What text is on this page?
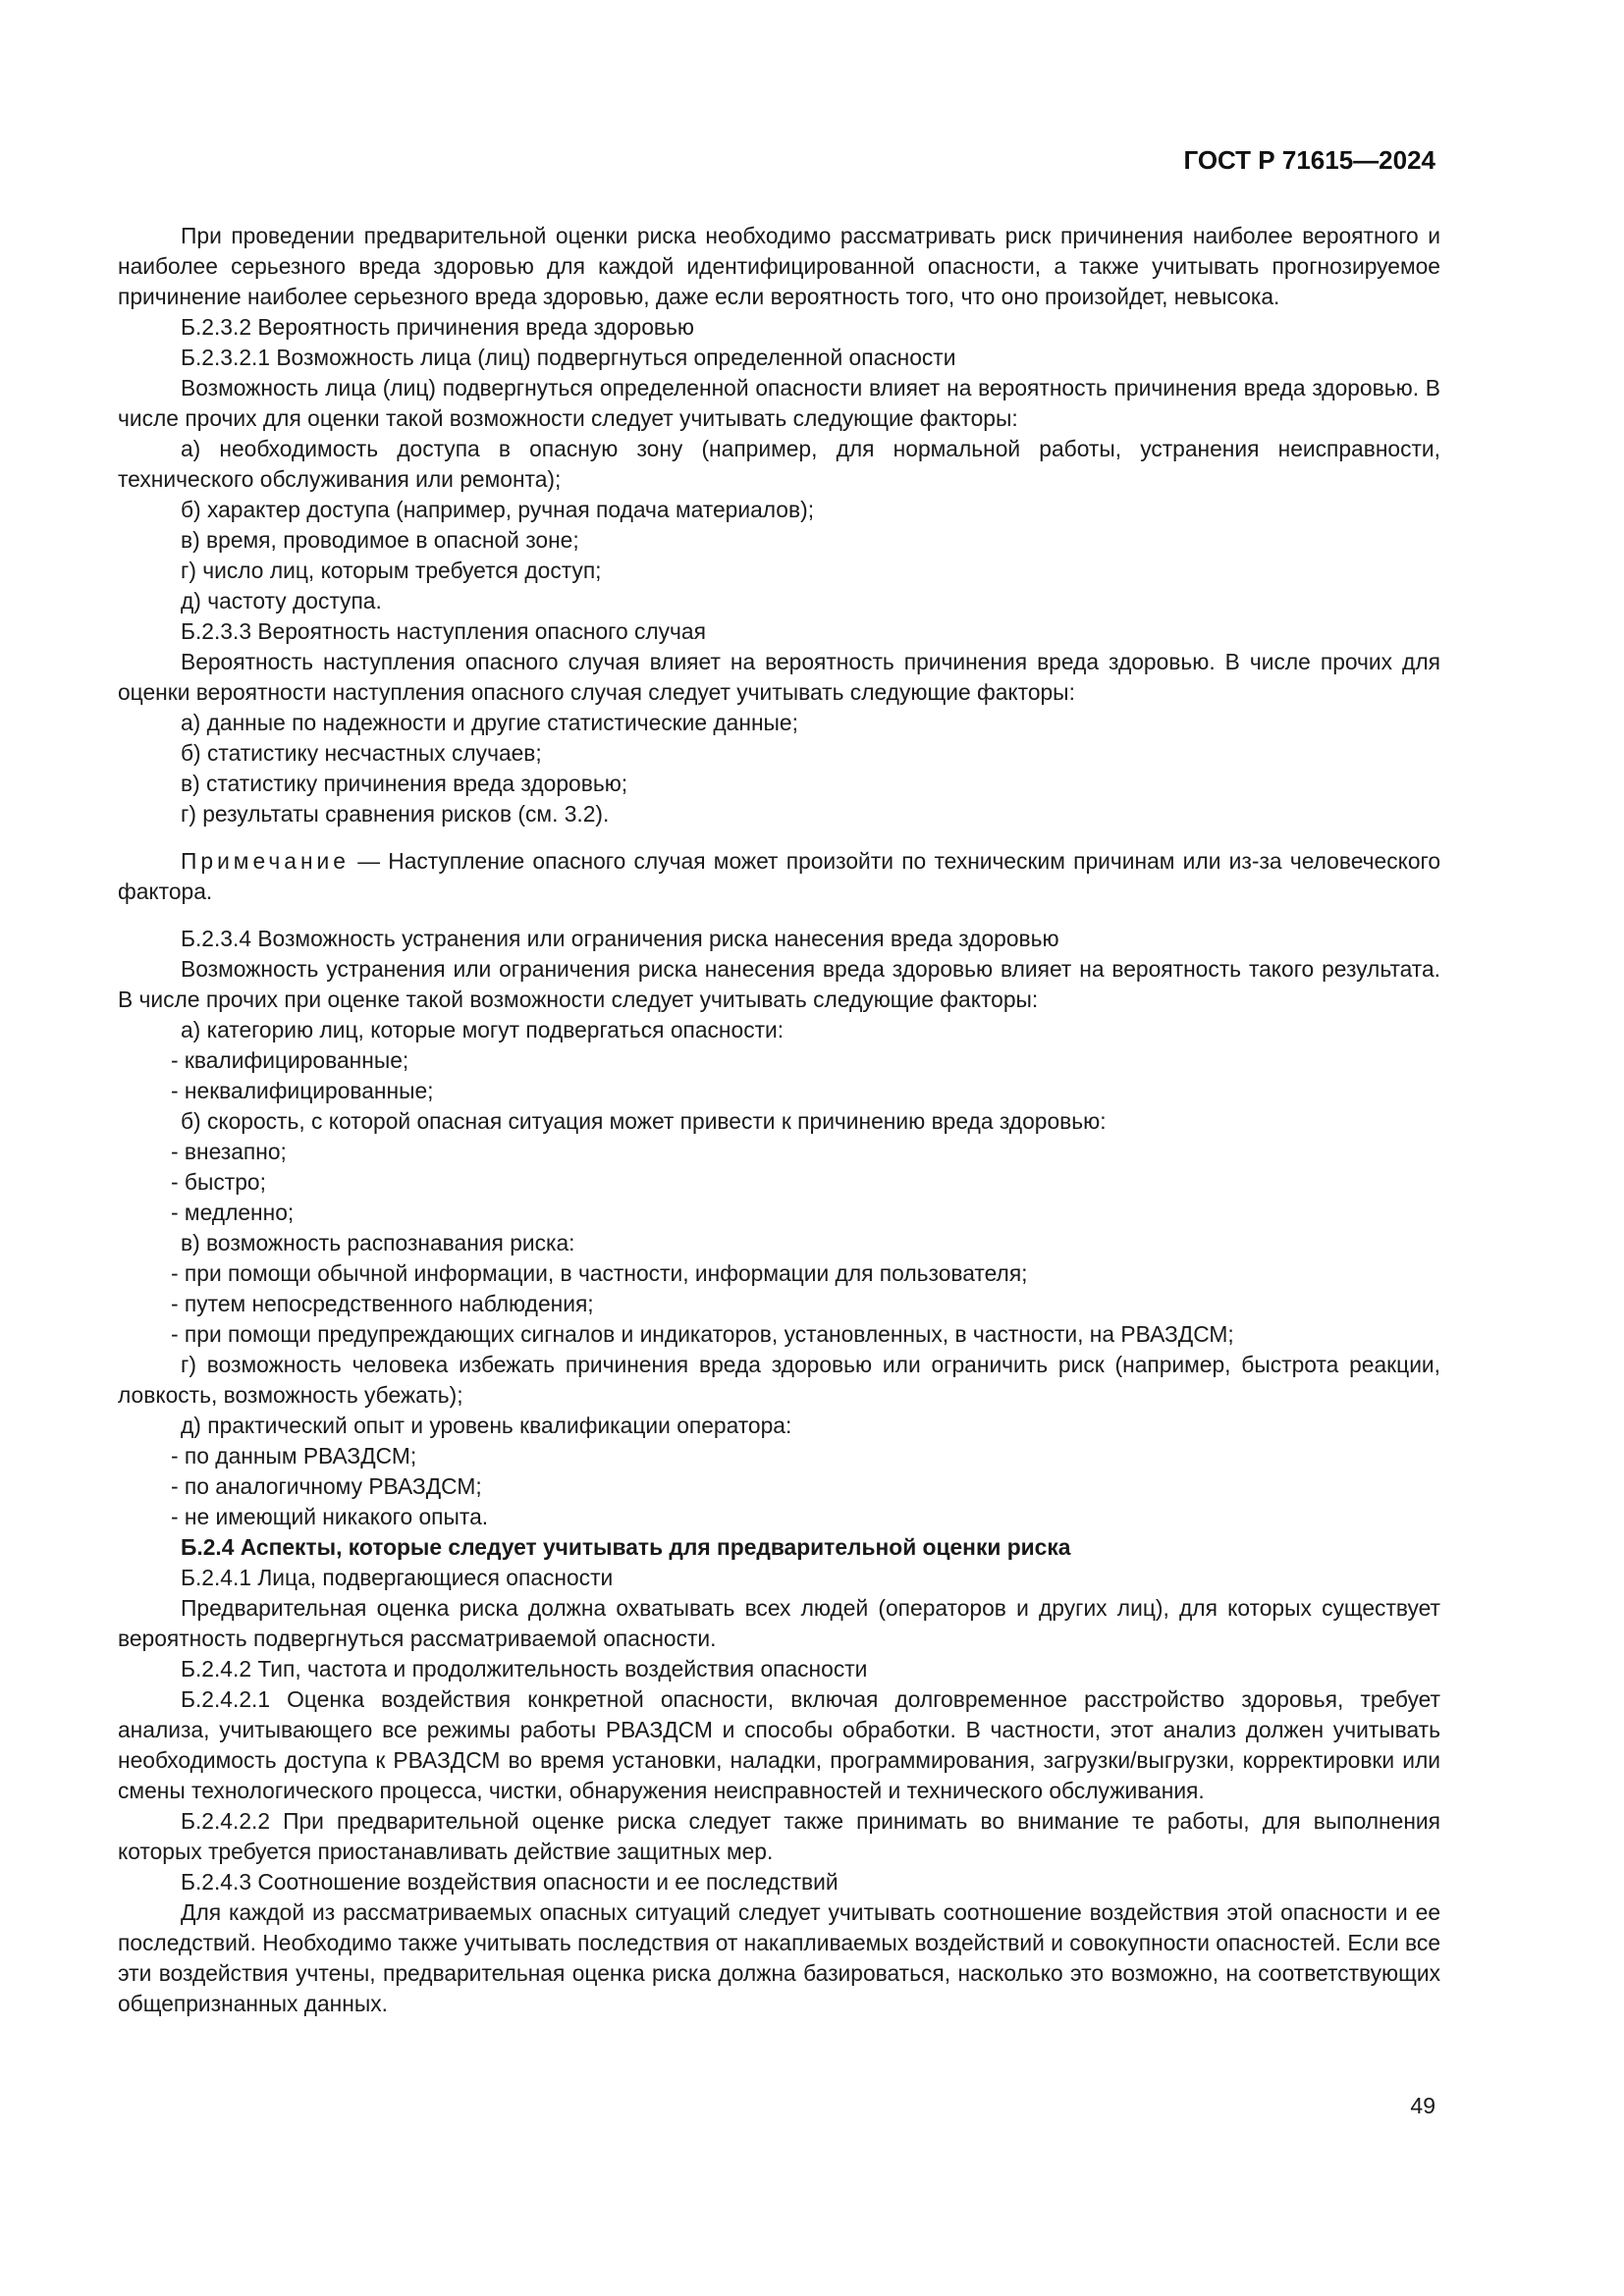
ГОСТ Р 71615—2024

При проведении предварительной оценки риска необходимо рассматривать риск причинения наиболее вероятного и наиболее серьезного вреда здоровью для каждой идентифицированной опасности, а также учитывать прогнозируемое причинение наиболее серьезного вреда здоровью, даже если вероятность того, что оно произойдет, невысока.

Б.2.3.2 Вероятность причинения вреда здоровью

Б.2.3.2.1 Возможность лица (лиц) подвергнуться определенной опасности

Возможность лица (лиц) подвергнуться определенной опасности влияет на вероятность причинения вреда здоровью. В числе прочих для оценки такой возможности следует учитывать следующие факторы:

а) необходимость доступа в опасную зону (например, для нормальной работы, устранения неисправности, технического обслуживания или ремонта);

б) характер доступа (например, ручная подача материалов);

в) время, проводимое в опасной зоне;

г) число лиц, которым требуется доступ;

д) частоту доступа.

Б.2.3.3 Вероятность наступления опасного случая

Вероятность наступления опасного случая влияет на вероятность причинения вреда здоровью. В числе прочих для оценки вероятности наступления опасного случая следует учитывать следующие факторы:

а) данные по надежности и другие статистические данные;

б) статистику несчастных случаев;

в) статистику причинения вреда здоровью;

г) результаты сравнения рисков (см. 3.2).

Примечание — Наступление опасного случая может произойти по техническим причинам или из-за человеческого фактора.

Б.2.3.4 Возможность устранения или ограничения риска нанесения вреда здоровью

Возможность устранения или ограничения риска нанесения вреда здоровью влияет на вероятность такого результата. В числе прочих при оценке такой возможности следует учитывать следующие факторы:

а) категорию лиц, которые могут подвергаться опасности:

- квалифицированные;

- неквалифицированные;

б) скорость, с которой опасная ситуация может привести к причинению вреда здоровью:

- внезапно;

- быстро;

- медленно;

в) возможность распознавания риска:

- при помощи обычной информации, в частности, информации для пользователя;

- путем непосредственного наблюдения;

- при помощи предупреждающих сигналов и индикаторов, установленных, в частности, на РВАЗДСМ;

г) возможность человека избежать причинения вреда здоровью или ограничить риск (например, быстрота реакции, ловкость, возможность убежать);

д) практический опыт и уровень квалификации оператора:

- по данным РВАЗДСМ;

- по аналогичному РВАЗДСМ;

- не имеющий никакого опыта.

Б.2.4 Аспекты, которые следует учитывать для предварительной оценки риска

Б.2.4.1 Лица, подвергающиеся опасности

Предварительная оценка риска должна охватывать всех людей (операторов и других лиц), для которых существует вероятность подвергнуться рассматриваемой опасности.

Б.2.4.2 Тип, частота и продолжительность воздействия опасности

Б.2.4.2.1 Оценка воздействия конкретной опасности, включая долговременное расстройство здоровья, требует анализа, учитывающего все режимы работы РВАЗДСМ и способы обработки. В частности, этот анализ должен учитывать необходимость доступа к РВАЗДСМ во время установки, наладки, программирования, загрузки/выгрузки, корректировки или смены технологического процесса, чистки, обнаружения неисправностей и технического обслуживания.

Б.2.4.2.2 При предварительной оценке риска следует также принимать во внимание те работы, для выполнения которых требуется приостанавливать действие защитных мер.

Б.2.4.3 Соотношение воздействия опасности и ее последствий

Для каждой из рассматриваемых опасных ситуаций следует учитывать соотношение воздействия этой опасности и ее последствий. Необходимо также учитывать последствия от накапливаемых воздействий и совокупности опасностей. Если все эти воздействия учтены, предварительная оценка риска должна базироваться, насколько это возможно, на соответствующих общепризнанных данных.

49
